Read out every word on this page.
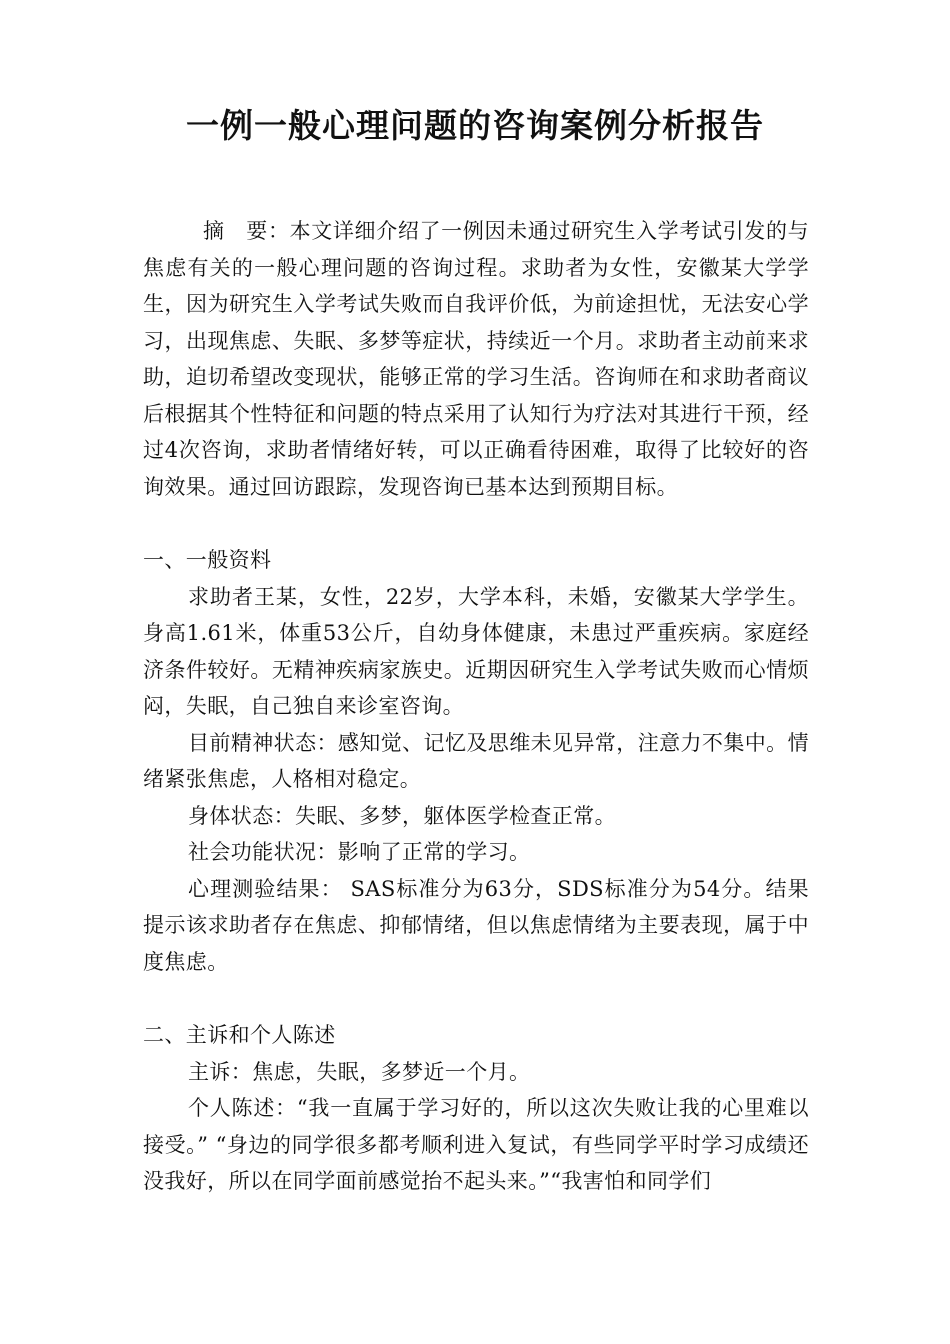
一例一般心理问题的咨询案例分析报告

摘　要：本文详细介绍了一例因未通过研究生入学考试引发的与焦虑有关的一般心理问题的咨询过程。求助者为女性，安徽某大学学生，因为研究生入学考试失败而自我评价低，为前途担忧，无法安心学习，出现焦虑、失眠、多梦等症状，持续近一个月。求助者主动前来求助，迫切希望改变现状，能够正常的学习生活。咨询师在和求助者商议后根据其个性特征和问题的特点采用了认知行为疗法对其进行干预，经过4次咨询，求助者情绪好转，可以正确看待困难，取得了比较好的咨询效果。通过回访跟踪，发现咨询已基本达到预期目标。

一、一般资料

求助者王某，女性，22岁，大学本科，未婚，安徽某大学学生。身高1.61米，体重53公斤，自幼身体健康，未患过严重疾病。家庭经济条件较好。无精神疾病家族史。近期因研究生入学考试失败而心情烦闷，失眠，自己独自来诊室咨询。

目前精神状态：感知觉、记忆及思维未见异常，注意力不集中。情绪紧张焦虑，人格相对稳定。

身体状态：失眠、多梦，躯体医学检查正常。

社会功能状况：影响了正常的学习。

心理测验结果： SAS标准分为63分，SDS标准分为54分。结果提示该求助者存在焦虑、抑郁情绪，但以焦虑情绪为主要表现，属于中度焦虑。

二、主诉和个人陈述

主诉：焦虑，失眠，多梦近一个月。

个人陈述：“我一直属于学习好的，所以这次失败让我的心里难以接受。” “身边的同学很多都考顺利进入复试，有些同学平时学习成绩还没我好，所以在同学面前感觉抬不起头来。”“我害怕和同学们
